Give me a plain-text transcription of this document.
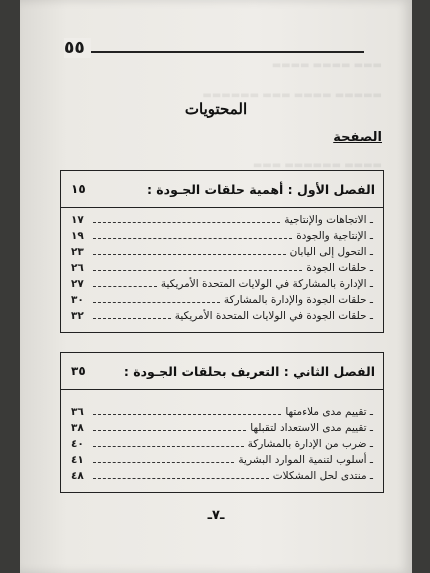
▬▬▬ ▬▬▬▬ ▬▬▬▬
▬▬▬▬▬ ▬▬▬▬ ▬▬▬ ▬▬▬▬▬▬
▬▬▬▬ ▬▬▬▬▬▬ ▬▬▬
٥٥
المحتويات
الصفحة
الفصل الأول : أهمية حلقات الجـودة :
١٥
ـ الاتجاهات والإنتاجية
١٧
ـ الإنتاجية والجودة
١٩
ـ التحول إلى اليابان
٢٣
ـ حلقات الجودة
٢٦
ـ الإدارة بالمشاركة في الولايات المتحدة الأمريكية
٢٧
ـ حلقات الجودة والإدارة بالمشاركة
٣٠
ـ حلقات الجودة في الولايات المتحدة الأمريكية
٣٢
الفصل الثاني : التعريف بحلقات الجـودة :
٣٥
ـ تقييم مدى ملاءمتها
٣٦
ـ تقييم مدى الاستعداد لتقبلها
٣٨
ـ ضرب من الإدارة بالمشاركة
٤٠
ـ أسلوب لتنمية الموارد البشرية
٤١
ـ منتدى لحل المشكلات
٤٨
ـ٧ـ
